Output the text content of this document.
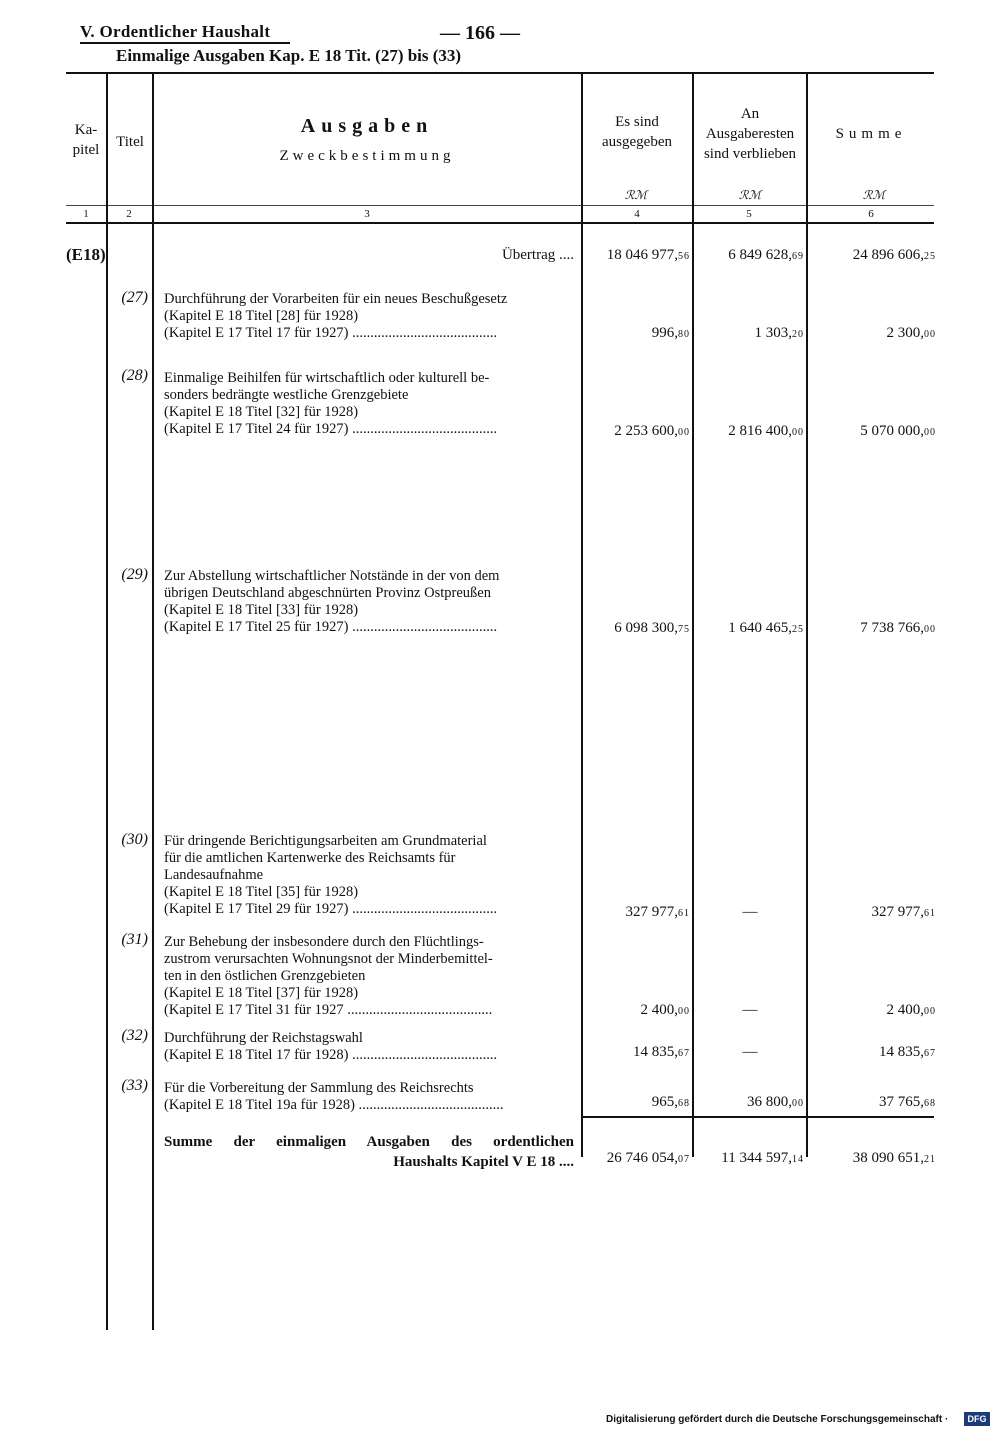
V. Ordentlicher Haushalt	— 166 —
Einmalige Ausgaben Kap. E 18 Tit. (27) bis (33)
Ka-
pitel	Titel
Ausgaben
Zweckbestimmung
Es sind
ausgegeben
An
Ausgaberesten
sind verblieben
Summe
ℛℳ	ℛℳ	ℛℳ
1	2	3	4	5	6
(E18)	Übertrag ....	18 046 977,56	6 849 628,69	24 896 606,25
(27) Durchführung der Vorarbeiten für ein neues Beschußgesetz
(Kapitel E 18 Titel [28] für 1928)
(Kapitel E 17 Titel 17 für 1927) .....	996,80	1 303,20	2 300,00
(28) Einmalige Beihilfen für wirtschaftlich oder kulturell be-
sonders bedrängte westliche Grenzgebiete
(Kapitel E 18 Titel [32] für 1928)
(Kapitel E 17 Titel 24 für 1927) .....	2 253 600,00	2 816 400,00	5 070 000,00
(29) Zur Abstellung wirtschaftlicher Notstände in der von dem
übrigen Deutschland abgeschnürten Provinz Ostpreußen
(Kapitel E 18 Titel [33] für 1928)
(Kapitel E 17 Titel 25 für 1927) .....	6 098 300,75	1 640 465,25	7 738 766,00
(30) Für dringende Berichtigungsarbeiten am Grundmaterial
für die amtlichen Kartenwerke des Reichsamts für
Landesaufnahme
(Kapitel E 18 Titel [35] für 1928)
(Kapitel E 17 Titel 29 für 1927) .....	327 977,61	—	327 977,61
(31) Zur Behebung der insbesondere durch den Flüchtlings-
zustrom verursachten Wohnungsnot der Minderbemittel-
ten in den östlichen Grenzgebieten
(Kapitel E 18 Titel [37] für 1928)
(Kapitel E 17 Titel 31 für 1927 .....	2 400,00	—	2 400,00
(32) Durchführung der Reichstagswahl
(Kapitel E 18 Titel 17 für 1928) .....	14 835,67	—	14 835,67
(33) Für die Vorbereitung der Sammlung des Reichsrechts
(Kapitel E 18 Titel 19a für 1928) .....	965,68	36 800,00	37 765,68
Summe der einmaligen Ausgaben des ordentlichen
Haushalts Kapitel V E 18 ....	26 746 054,07	11 344 597,14	38 090 651,21
Digitalisierung gefördert durch die Deutsche Forschungsgemeinschaft ·	DFG
